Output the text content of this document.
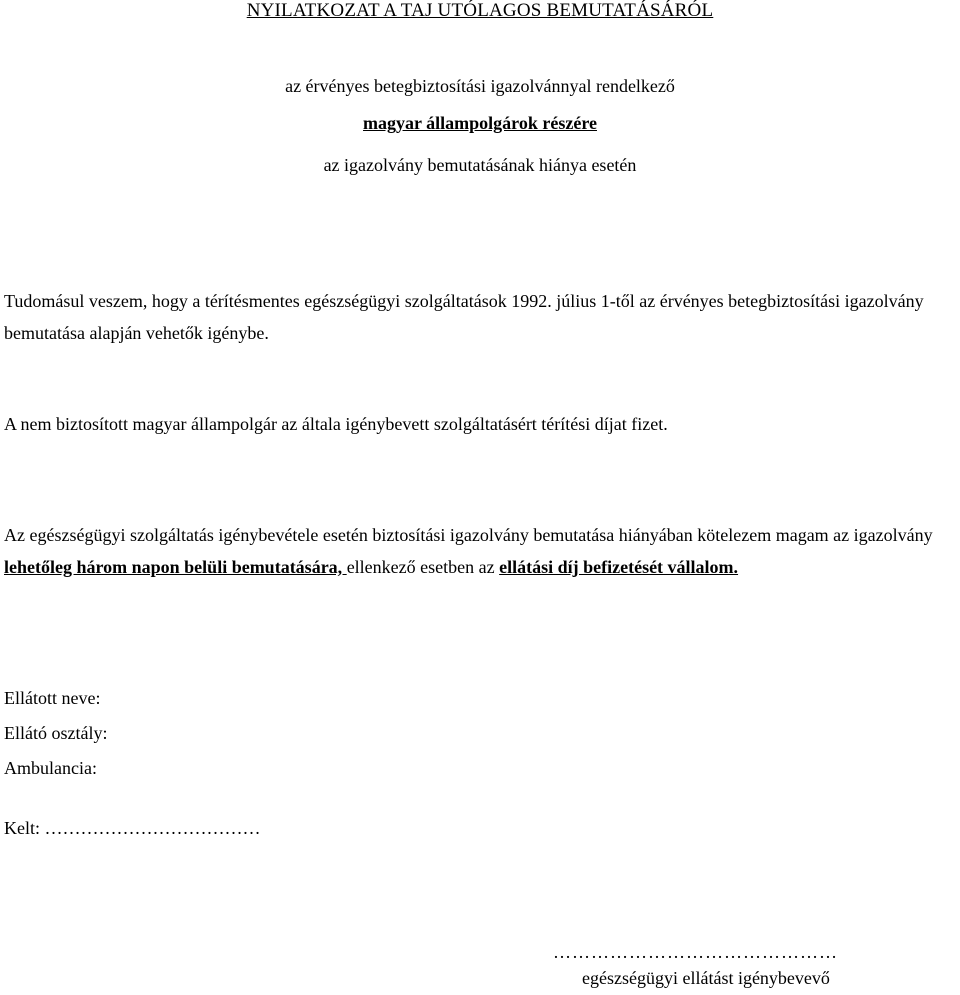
NYILATKOZAT A TAJ UTÓLAGOS BEMUTATÁSÁRÓL
az érvényes betegbiztosítási igazolvánnyal rendelkező
magyar állampolgárok részére
az igazolvány bemutatásának hiánya esetén
Tudomásul veszem, hogy a térítésmentes egészségügyi szolgáltatások 1992. július 1-től az érvényes betegbiztosítási igazolvány bemutatása alapján vehetők igénybe.
A nem biztosított magyar állampolgár az általa igénybevett szolgáltatásért térítési díjat fizet.
Az egészségügyi szolgáltatás igénybevétele esetén biztosítási igazolvány bemutatása hiányában kötelezem magam az igazolvány lehetőleg három napon belüli bemutatására, ellenkező esetben az ellátási díj befizetését vállalom.
Ellátott neve:
Ellátó osztály:
Ambulancia:
Kelt: ………………………………
………………………………………
egészségügyi ellátást igénybevevő
